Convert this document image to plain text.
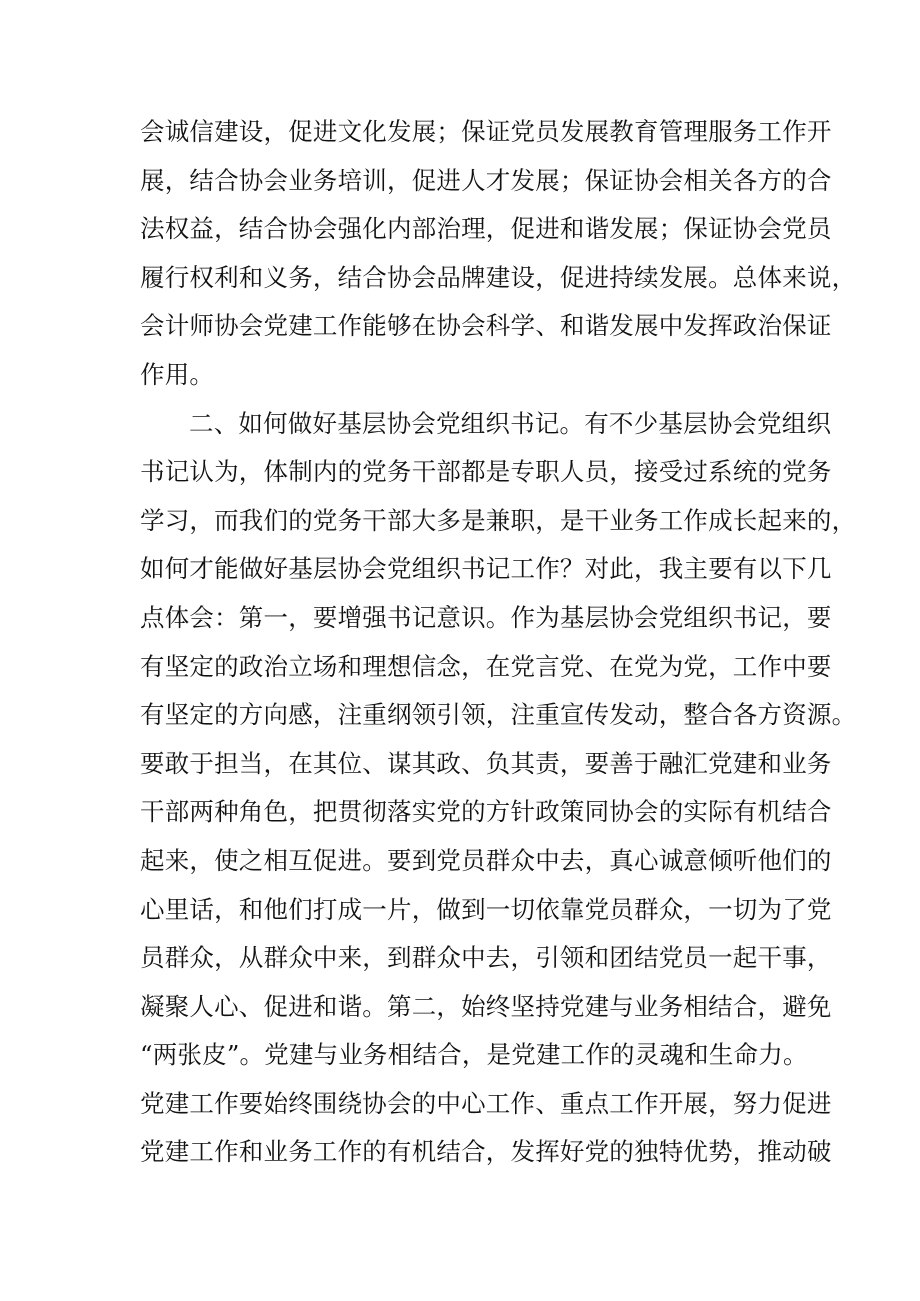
会诚信建设，促进文化发展；保证党员发展教育管理服务工作开
展，结合协会业务培训，促进人才发展；保证协会相关各方的合
法权益，结合协会强化内部治理，促进和谐发展；保证协会党员
履行权利和义务，结合协会品牌建设，促进持续发展。总体来说，
会计师协会党建工作能够在协会科学、和谐发展中发挥政治保证
作用。
二、如何做好基层协会党组织书记。有不少基层协会党组织
书记认为，体制内的党务干部都是专职人员，接受过系统的党务
学习，而我们的党务干部大多是兼职，是干业务工作成长起来的，
如何才能做好基层协会党组织书记工作？对此，我主要有以下几
点体会：第一，要增强书记意识。作为基层协会党组织书记，要
有坚定的政治立场和理想信念，在党言党、在党为党，工作中要
有坚定的方向感，注重纲领引领，注重宣传发动，整合各方资源。
要敢于担当，在其位、谋其政、负其责，要善于融汇党建和业务
干部两种角色，把贯彻落实党的方针政策同协会的实际有机结合
起来，使之相互促进。要到党员群众中去，真心诚意倾听他们的
心里话，和他们打成一片，做到一切依靠党员群众，一切为了党
员群众，从群众中来，到群众中去，引领和团结党员一起干事，
凝聚人心、促进和谐。第二，始终坚持党建与业务相结合，避免
“两张皮”。党建与业务相结合，是党建工作的灵魂和生命力。
党建工作要始终围绕协会的中心工作、重点工作开展，努力促进
党建工作和业务工作的有机结合，发挥好党的独特优势，推动破
